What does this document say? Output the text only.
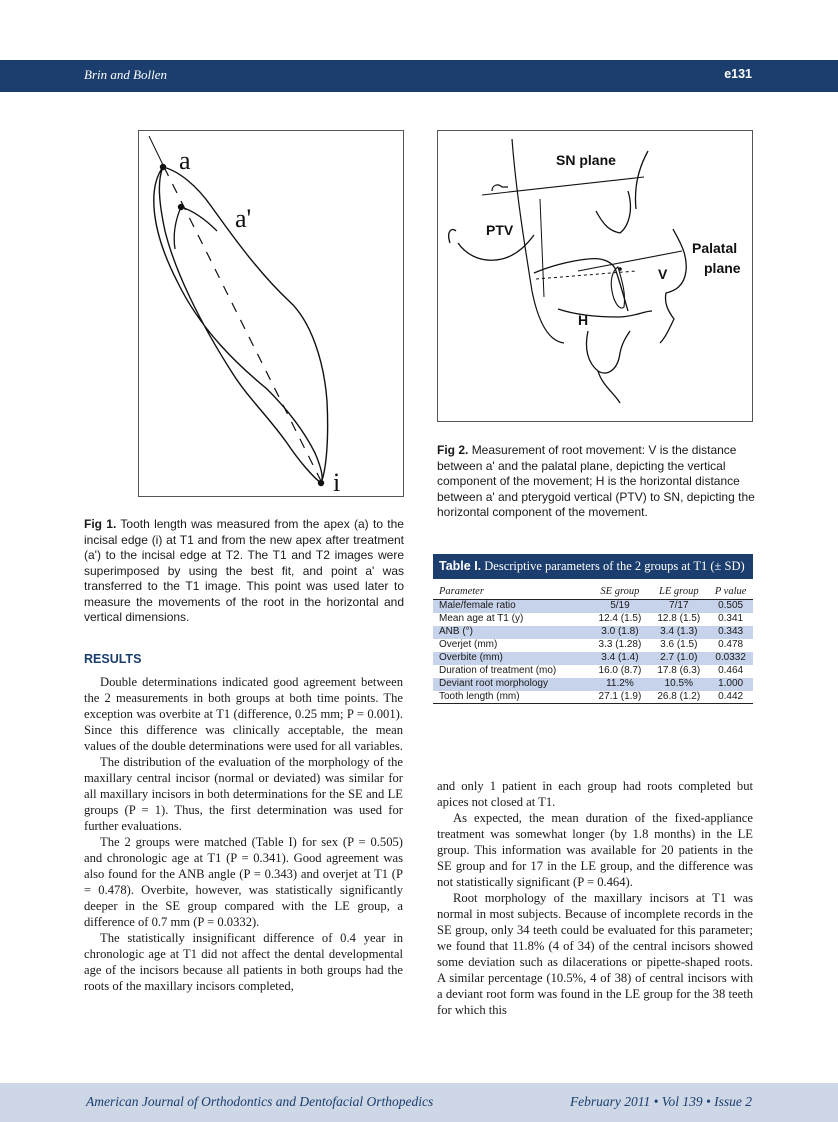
Brin and Bollen	e131
a
a'
i
SN plane
PTV
Palatal
plane
V
H
Fig 2. Measurement of root movement: V is the distance between a' and the palatal plane, depicting the vertical component of the movement; H is the horizontal distance between a' and pterygoid vertical (PTV) to SN, depicting the horizontal component of the movement.
Fig 1. Tooth length was measured from the apex (a) to the incisal edge (i) at T1 and from the new apex after treatment (a') to the incisal edge at T2. The T1 and T2 images were superimposed by using the best fit, and point a' was transferred to the T1 image. This point was used later to measure the movements of the root in the horizontal and vertical dimensions.
Table I. Descriptive parameters of the 2 groups at T1 (± SD)
Parameter	SE group	LE group	P value
Male/female ratio	5/19	7/17	0.505
Mean age at T1 (y)	12.4 (1.5)	12.8 (1.5)	0.341
ANB (°)	3.0 (1.8)	3.4 (1.3)	0.343
Overjet (mm)	3.3 (1.28)	3.6 (1.5)	0.478
Overbite (mm)	3.4 (1.4)	2.7 (1.0)	0.0332
Duration of treatment (mo)	16.0 (8.7)	17.8 (6.3)	0.464
Deviant root morphology	11.2%	10.5%	1.000
Tooth length (mm)	27.1 (1.9)	26.8 (1.2)	0.442
RESULTS

Double determinations indicated good agreement between the 2 measurements in both groups at both time points. The exception was overbite at T1 (difference, 0.25 mm; P = 0.001). Since this difference was clinically acceptable, the mean values of the double determinations were used for all variables.

The distribution of the evaluation of the morphology of the maxillary central incisor (normal or deviated) was similar for all maxillary incisors in both determinations for the SE and LE groups (P = 1). Thus, the first determination was used for further evaluations.

The 2 groups were matched (Table I) for sex (P = 0.505) and chronologic age at T1 (P = 0.341). Good agreement was also found for the ANB angle (P = 0.343) and overjet at T1 (P = 0.478). Overbite, however, was statistically significantly deeper in the SE group compared with the LE group, a difference of 0.7 mm (P = 0.0332).

The statistically insignificant difference of 0.4 year in chronologic age at T1 did not affect the dental developmental age of the incisors because all patients in both groups had the roots of the maxillary incisors completed,

and only 1 patient in each group had roots completed but apices not closed at T1.

As expected, the mean duration of the fixed-appliance treatment was somewhat longer (by 1.8 months) in the LE group. This information was available for 20 patients in the SE group and for 17 in the LE group, and the difference was not statistically significant (P = 0.464).

Root morphology of the maxillary incisors at T1 was normal in most subjects. Because of incomplete records in the SE group, only 34 teeth could be evaluated for this parameter; we found that 11.8% (4 of 34) of the central incisors showed some deviation such as dilacerations or pipette-shaped roots. A similar percentage (10.5%, 4 of 38) of central incisors with a deviant root form was found in the LE group for the 38 teeth for which this

American Journal of Orthodontics and Dentofacial Orthopedics	February 2011 • Vol 139 • Issue 2
